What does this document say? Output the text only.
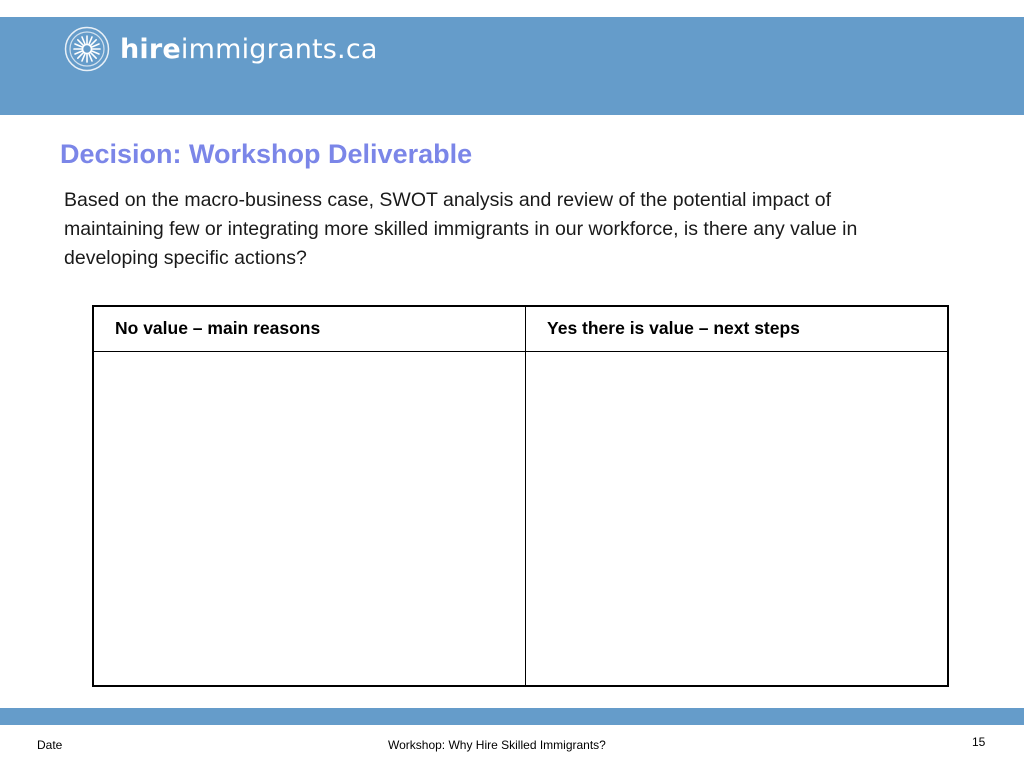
hireimmigrants.ca
Decision: Workshop Deliverable

Based on the macro-business case, SWOT analysis and review of the potential impact of maintaining few or integrating more skilled immigrants in our workforce, is there any value in developing specific actions?

No value – main reasons	Yes there is value – next steps

Date	Workshop: Why Hire Skilled Immigrants?	15
